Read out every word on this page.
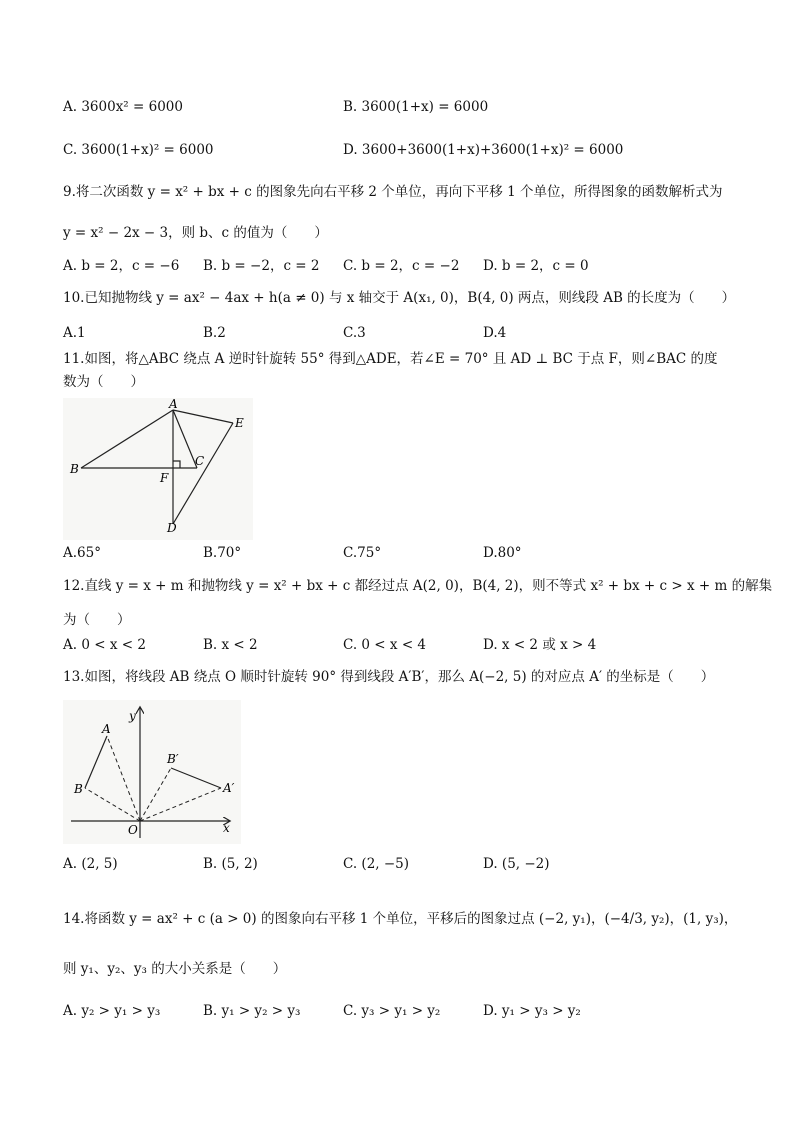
A. 3600x² = 6000	B. 3600(1+x) = 6000
C. 3600(1+x)² = 6000	D. 3600+3600(1+x)+3600(1+x)² = 6000
9.将二次函数 y = x² + bx + c 的图象先向右平移 2 个单位，再向下平移 1 个单位，所得图象的函数解析式为
y = x² − 2x − 3，则 b、c 的值为（　　）
A. b = 2，c = −6 B. b = −2，c = 2 C. b = 2，c = −2 D. b = 2，c = 0
10.已知抛物线 y = ax² − 4ax + h(a ≠ 0) 与 x 轴交于 A(x₁, 0)，B(4, 0) 两点，则线段 AB 的长度为（　　）
A.1	B.2	C.3	D.4
11.如图，将△ABC 绕点 A 逆时针旋转 55° 得到△ADE，若∠E = 70° 且 AD ⊥ BC 于点 F，则∠BAC 的度
数为（　　）
A
B
C
D
E
F
A.65°	B.70°	C.75°	D.80°
12.直线 y = x + m 和抛物线 y = x² + bx + c 都经过点 A(2, 0)，B(4, 2)，则不等式 x² + bx + c > x + m 的解集
为（　　）
A. 0 < x < 2	B. x < 2	C. 0 < x < 4	D. x < 2 或 x > 4
13.如图，将线段 AB 绕点 O 顺时针旋转 90° 得到线段 A′B′，那么 A(−2, 5) 的对应点 A′ 的坐标是（　　）
A
B
B′
A′
O	x
y
A. (2, 5)	B. (5, 2)	C. (2, −5)	D. (5, −2)
14.将函数 y = ax² + c (a > 0) 的图象向右平移 1 个单位，平移后的图象过点 (−2, y₁)，(−4/3, y₂)，(1, y₃)，
则 y₁、y₂、y₃ 的大小关系是（　　）
A. y₂ > y₁ > y₃	B. y₁ > y₂ > y₃	C. y₃ > y₁ > y₂	D. y₁ > y₃ > y₂
